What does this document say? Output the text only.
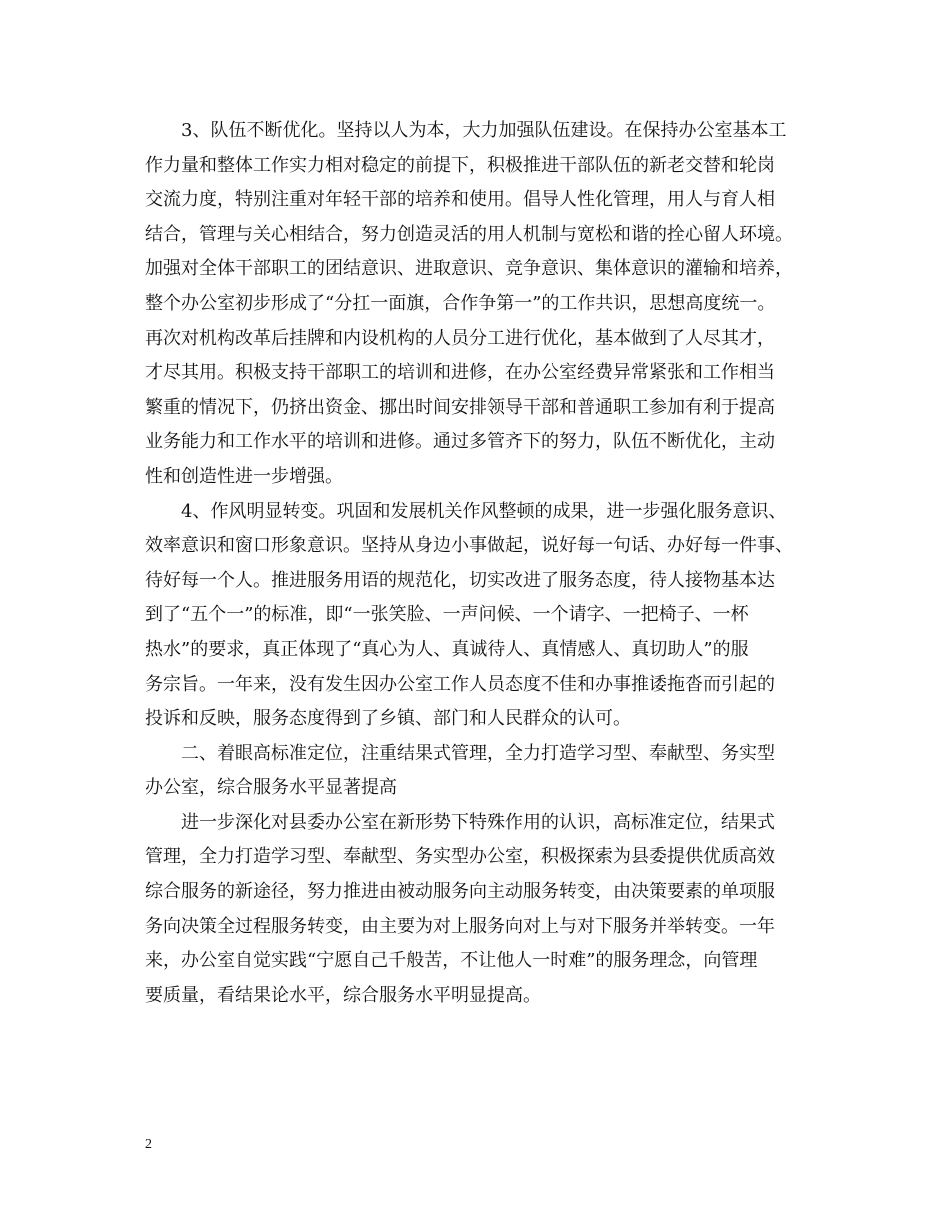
3、队伍不断优化。坚持以人为本，大力加强队伍建设。在保持办公室基本工
作力量和整体工作实力相对稳定的前提下，积极推进干部队伍的新老交替和轮岗
交流力度，特别注重对年轻干部的培养和使用。倡导人性化管理，用人与育人相
结合，管理与关心相结合，努力创造灵活的用人机制与宽松和谐的拴心留人环境。
加强对全体干部职工的团结意识、进取意识、竞争意识、集体意识的灌输和培养，
整个办公室初步形成了“分扛一面旗，合作争第一”的工作共识，思想高度统一。
再次对机构改革后挂牌和内设机构的人员分工进行优化，基本做到了人尽其才，
才尽其用。积极支持干部职工的培训和进修，在办公室经费异常紧张和工作相当
繁重的情况下，仍挤出资金、挪出时间安排领导干部和普通职工参加有利于提高
业务能力和工作水平的培训和进修。通过多管齐下的努力，队伍不断优化，主动
性和创造性进一步增强。
4、作风明显转变。巩固和发展机关作风整顿的成果，进一步强化服务意识、
效率意识和窗口形象意识。坚持从身边小事做起，说好每一句话、办好每一件事、
待好每一个人。推进服务用语的规范化，切实改进了服务态度，待人接物基本达
到了“五个一”的标准，即“一张笑脸、一声问候、一个请字、一把椅子、一杯
热水”的要求，真正体现了“真心为人、真诚待人、真情感人、真切助人”的服
务宗旨。一年来，没有发生因办公室工作人员态度不佳和办事推诿拖沓而引起的
投诉和反映，服务态度得到了乡镇、部门和人民群众的认可。
二、着眼高标准定位，注重结果式管理，全力打造学习型、奉献型、务实型
办公室，综合服务水平显著提高
进一步深化对县委办公室在新形势下特殊作用的认识，高标准定位，结果式
管理，全力打造学习型、奉献型、务实型办公室，积极探索为县委提供优质高效
综合服务的新途径，努力推进由被动服务向主动服务转变，由决策要素的单项服
务向决策全过程服务转变，由主要为对上服务向对上与对下服务并举转变。一年
来，办公室自觉实践“宁愿自己千般苦，不让他人一时难”的服务理念，向管理
要质量，看结果论水平，综合服务水平明显提高。
2
